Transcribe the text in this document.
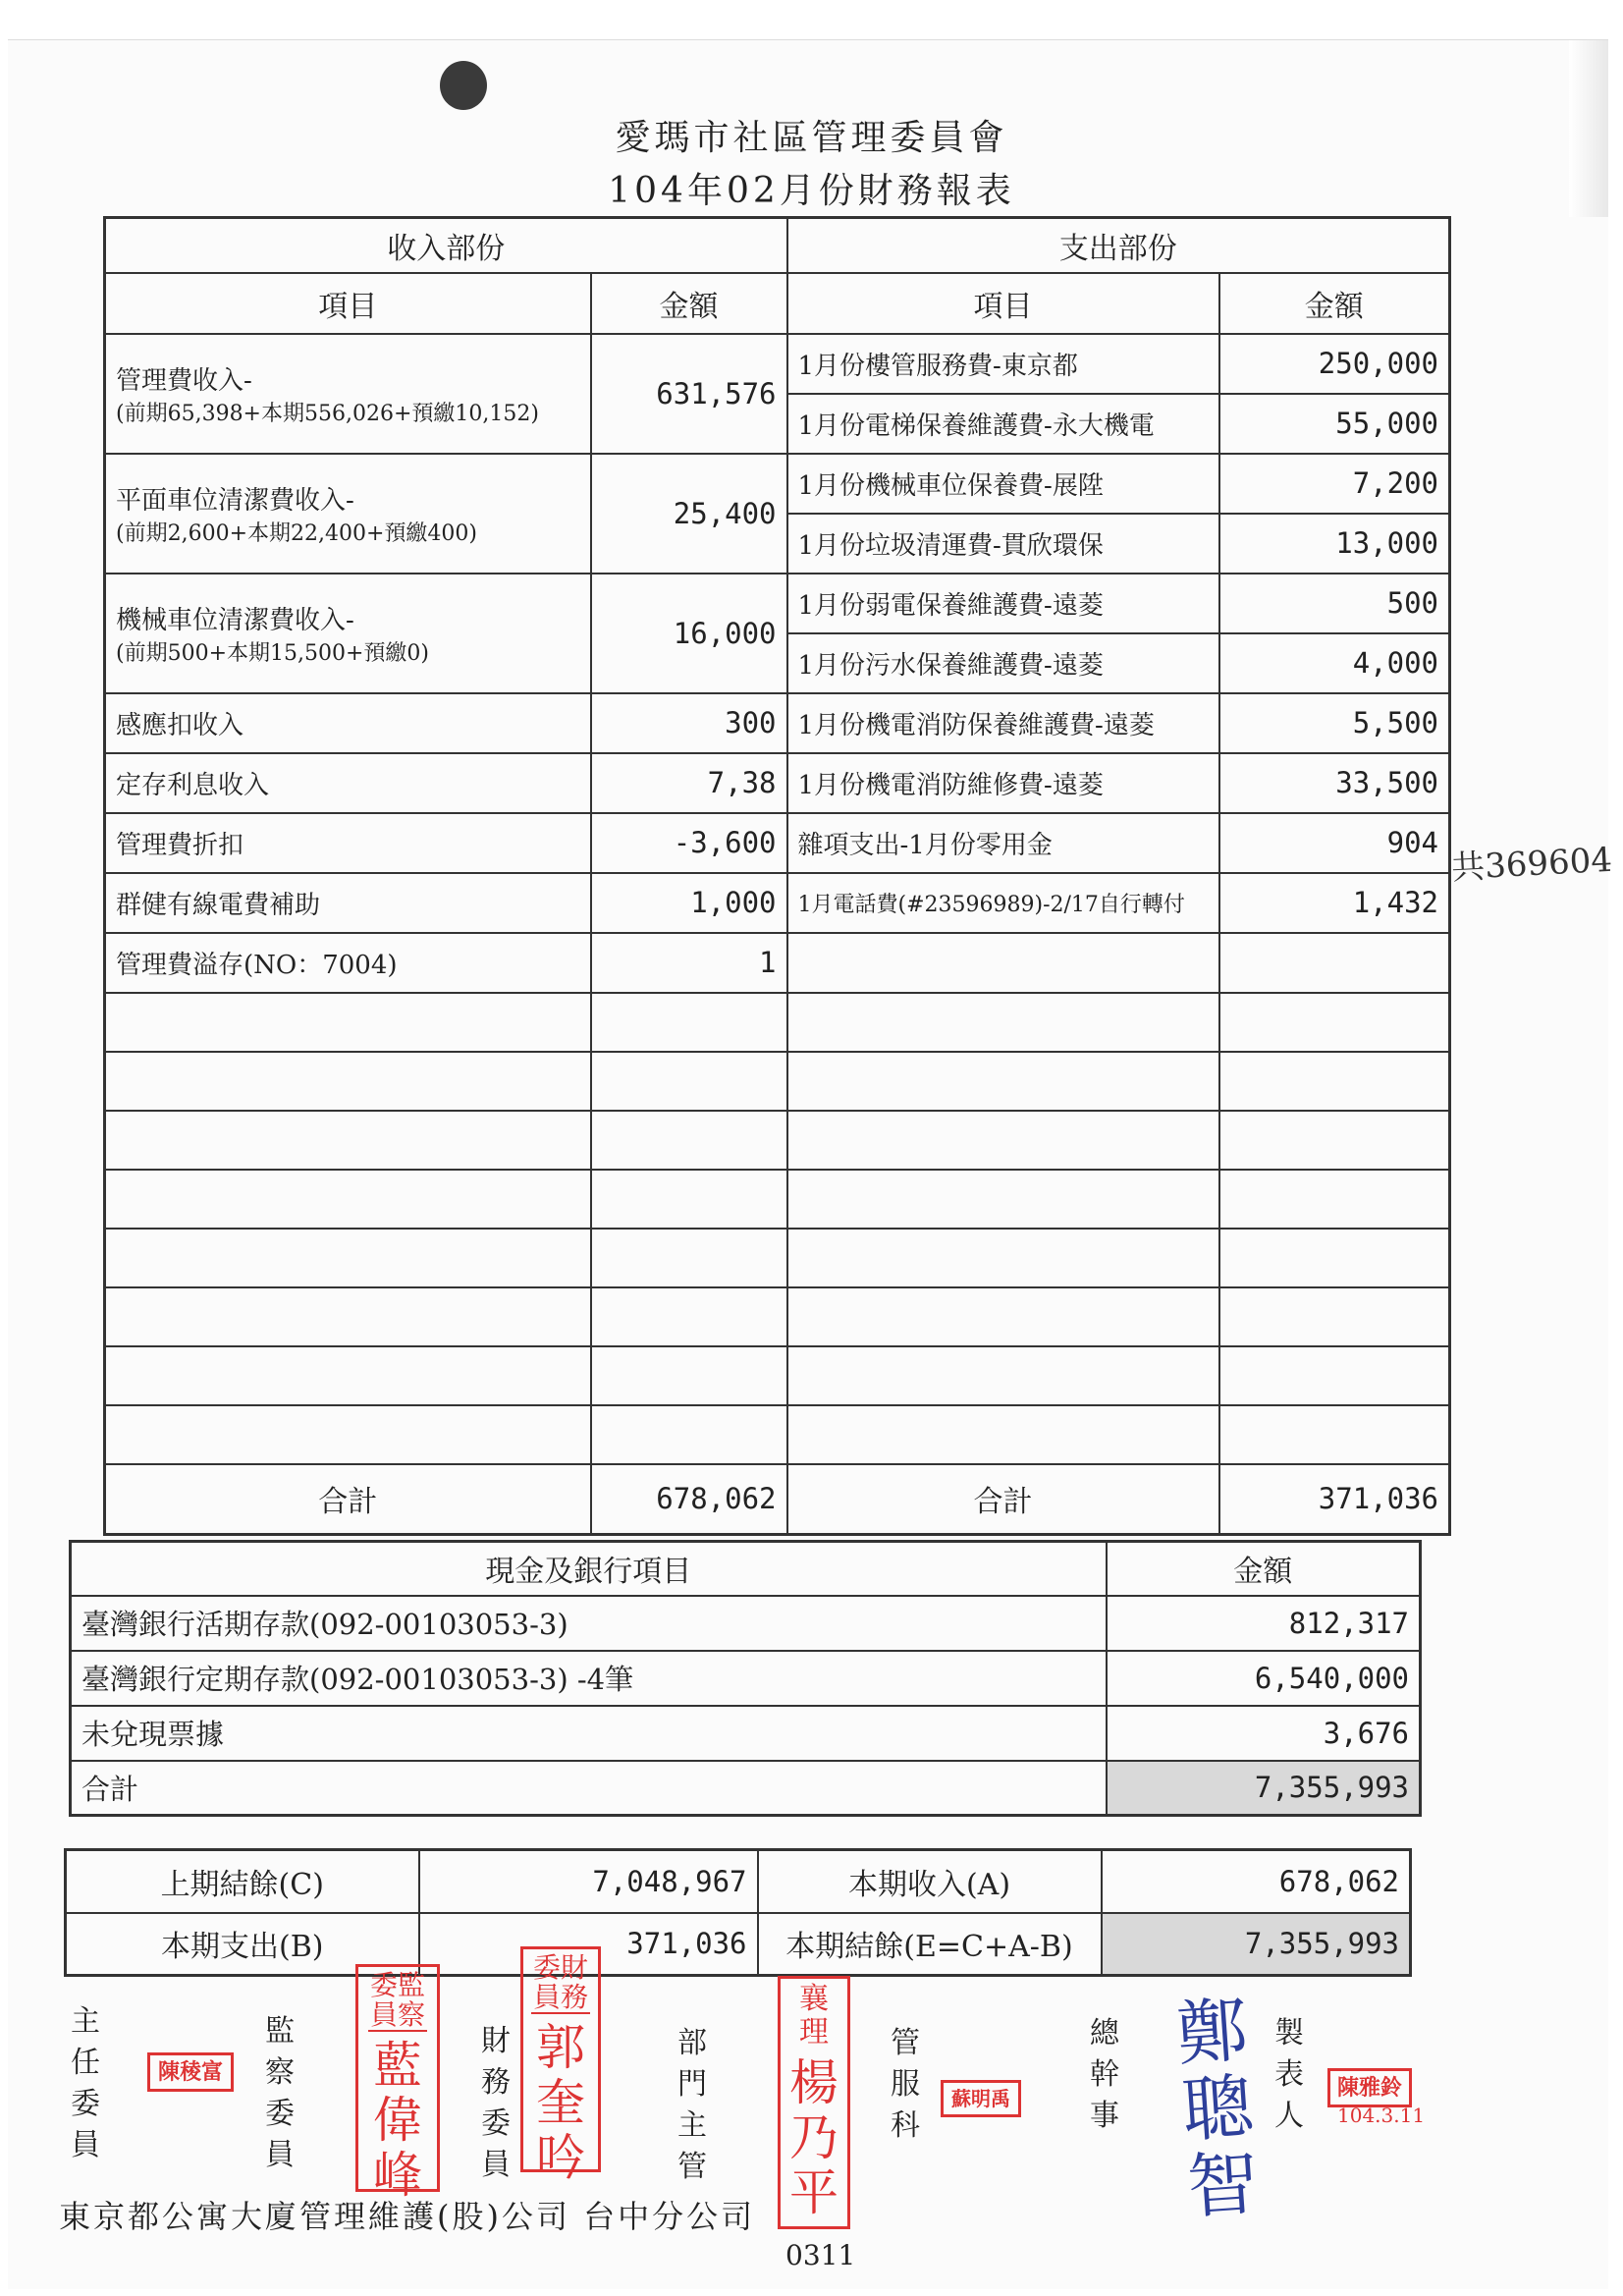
愛瑪市社區管理委員會
104年02月份財務報表
收入部份		支出部份	
項目	金額	項目	金額

管理費收入-
(前期65,398+本期556,026+預繳10,152)	631,576	1月份樓管服務費-東京都	250,000
		1月份電梯保養維護費-永大機電	55,000

平面車位清潔費收入-
(前期2,600+本期22,400+預繳400)	25,400	1月份機械車位保養費-展陞	7,200
		1月份垃圾清運費-貫欣環保	13,000

機械車位清潔費收入-
(前期500+本期15,500+預繳0)	16,000	1月份弱電保養維護費-遠菱	500
		1月份污水保養維護費-遠菱	4,000
感應扣收入	300	1月份機電消防保養維護費-遠菱	5,500
定存利息收入	7,38	1月份機電消防維修費-遠菱	33,500
管理費折扣	-3,600	雜項支出-1月份零用金	904
群健有線電費補助	1,000	1月電話費(#23596989)-2/17自行轉付	1,432
管理費溢存(NO：7004)	1		

合計	678,062	合計	371,036
共369604
現金及銀行項目	金額
臺灣銀行活期存款(092-00103053-3)	812,317
臺灣銀行定期存款(092-00103053-3) -4筆	6,540,000
未兌現票據	3,676
合計	7,355,993
上期結餘(C)	7,048,967	本期收入(A)	678,062
本期支出(B)	371,036	本期結餘(E=C+A-B)	7,355,993
主任委員
陳稜富
監察委員
委監員察
藍偉峰
財務委員
委財員務
郭奎吟
部門主管
襄理
楊乃平
0311
管服科
蘇明禹
總幹事
鄭聰智
製表人
陳雅鈴
104.3.11
東京都公寓大廈管理維護(股)公司 台中分公司
